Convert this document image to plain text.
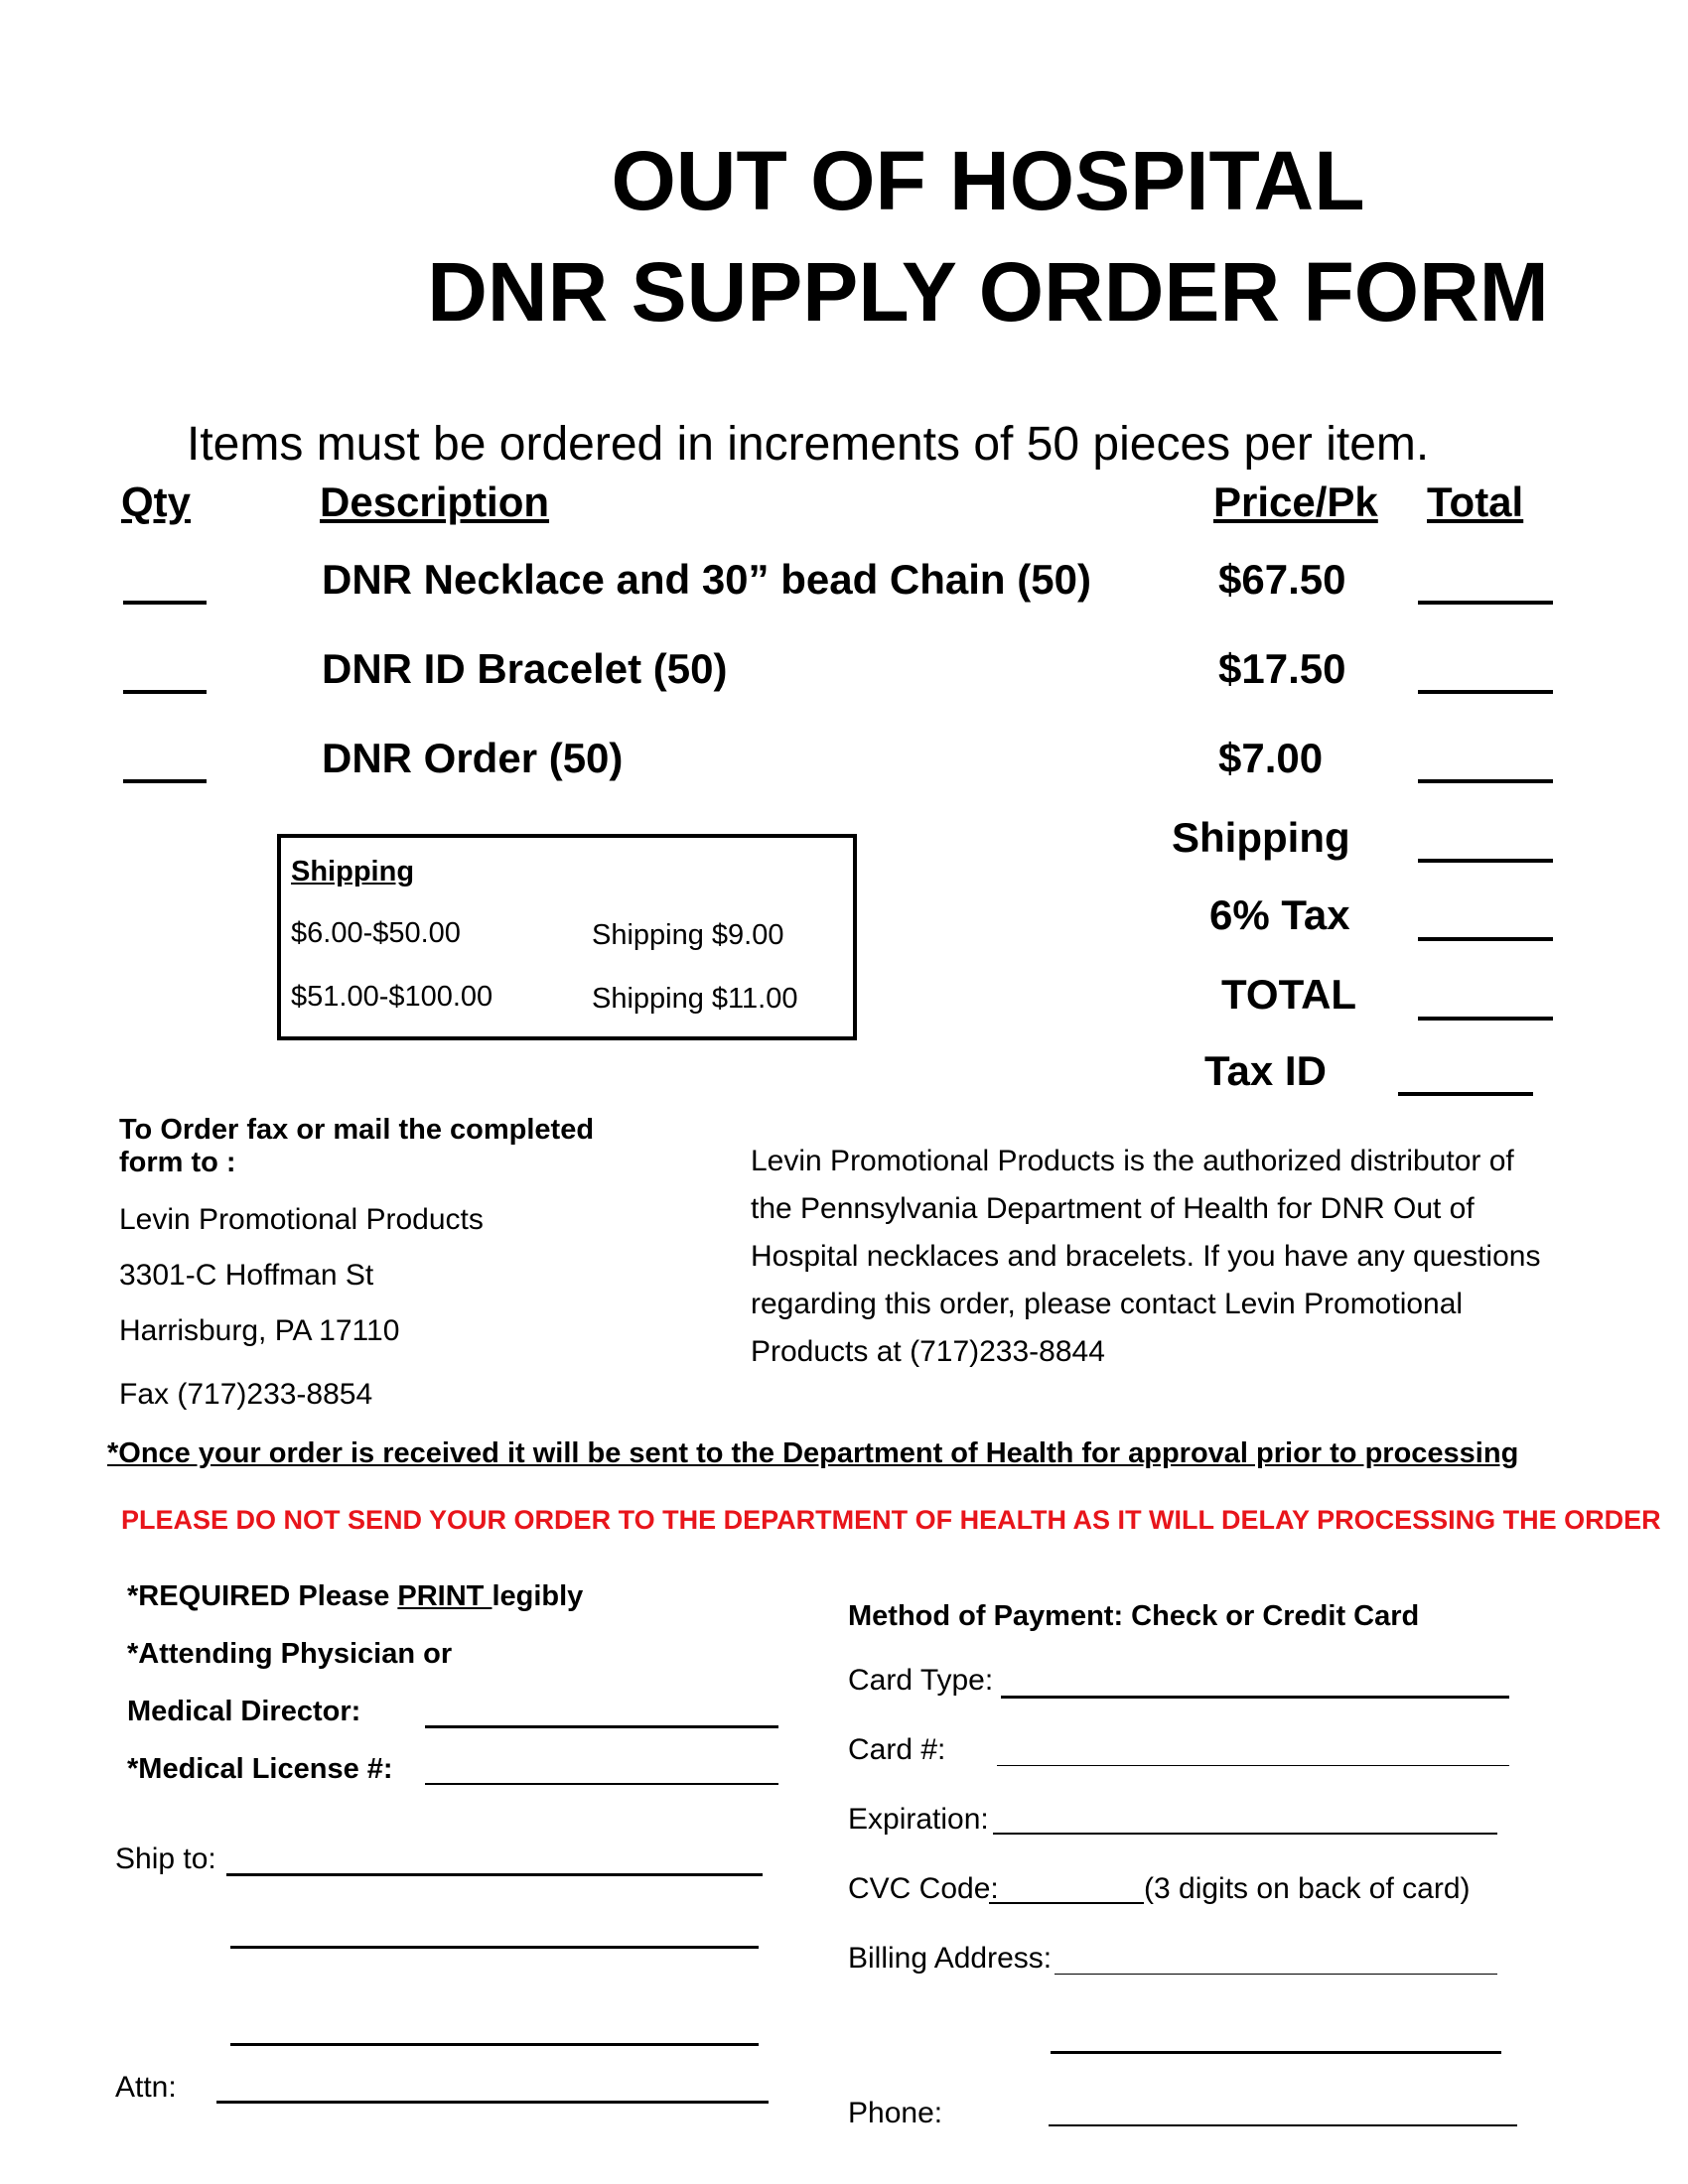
OUT OF HOSPITAL
DNR SUPPLY ORDER FORM
Items must be ordered in increments of 50 pieces per item.
Qty	Description	Price/Pk Total
DNR Necklace and 30” bead Chain (50)	$67.50
DNR ID Bracelet (50)	$17.50
DNR Order (50)	$7.00
Shipping
6% Tax
TOTAL
Tax ID
Shipping
$6.00-$50.00	Shipping $9.00
$51.00-$100.00	Shipping $11.00
To Order fax or mail the completed
form to :
Levin Promotional Products
3301-C Hoffman St
Harrisburg, PA 17110
Fax (717)233-8854
Levin Promotional Products is the authorized distributor of the Pennsylvania Department of Health for DNR Out of Hospital necklaces and bracelets. If you have any questions regarding this order, please contact Levin Promotional Products at (717)233-8844
*Once your order is received it will be sent to the Department of Health for approval prior to processing
PLEASE DO NOT SEND YOUR ORDER TO THE DEPARTMENT OF HEALTH AS IT WILL DELAY PROCESSING THE ORDER
*REQUIRED Please PRINT legibly
*Attending Physician or
Medical Director:
*Medical License #:
Ship to:
Attn:
Method of Payment: Check or Credit Card
Card Type:
Card #:
Expiration:
CVC Code:	(3 digits on back of card)
Billing Address:
Phone:
